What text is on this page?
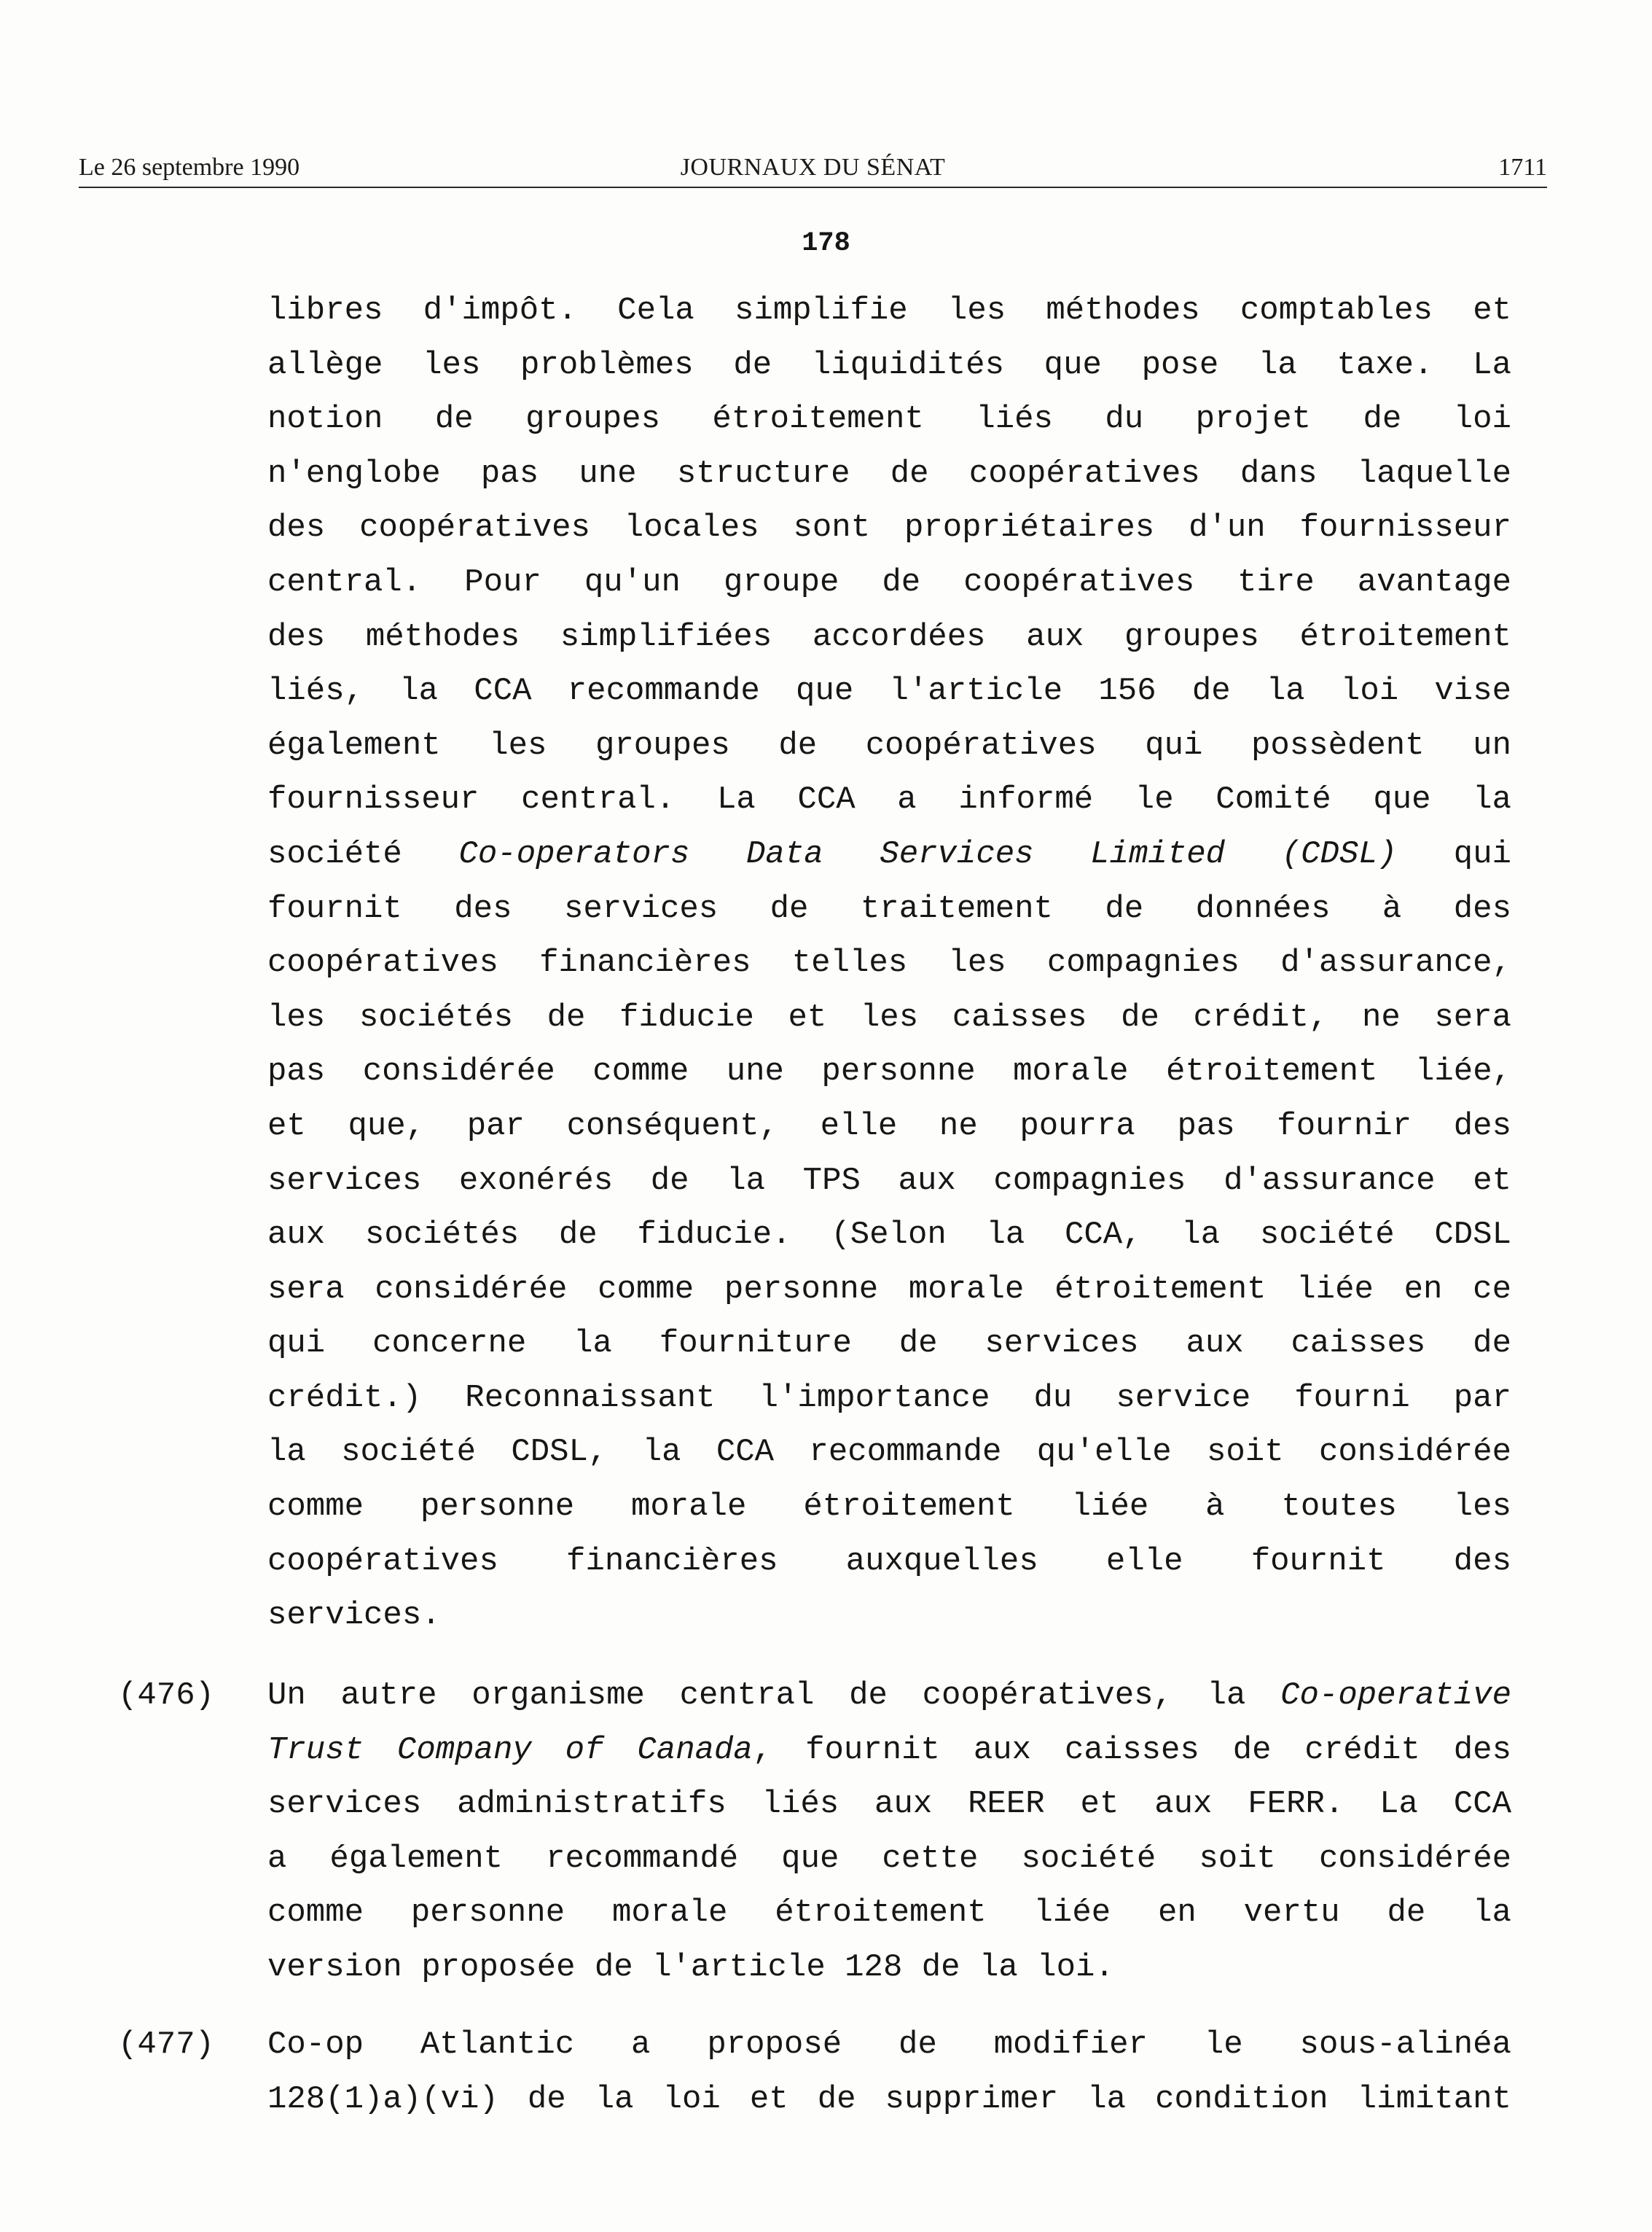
Le 26 septembre 1990	JOURNAUX DU SÉNAT	1711
178
libres d'impôt. Cela simplifie les méthodes comptables et
allège les problèmes de liquidités que pose la taxe. La
notion de groupes étroitement liés du projet de loi
n'englobe pas une structure de coopératives dans laquelle
des coopératives locales sont propriétaires d'un fournisseur
central. Pour qu'un groupe de coopératives tire avantage
des méthodes simplifiées accordées aux groupes étroitement
liés, la CCA recommande que l'article 156 de la loi vise
également les groupes de coopératives qui possèdent un
fournisseur central. La CCA a informé le Comité que la
société Co-operators Data Services Limited (CDSL) qui
fournit des services de traitement de données à des
coopératives financières telles les compagnies d'assurance,
les sociétés de fiducie et les caisses de crédit, ne sera
pas considérée comme une personne morale étroitement liée,
et que, par conséquent, elle ne pourra pas fournir des
services exonérés de la TPS aux compagnies d'assurance et
aux sociétés de fiducie. (Selon la CCA, la société CDSL
sera considérée comme personne morale étroitement liée en ce
qui concerne la fourniture de services aux caisses de
crédit.) Reconnaissant l'importance du service fourni par
la société CDSL, la CCA recommande qu'elle soit considérée
comme personne morale étroitement liée à toutes les
coopératives financières auxquelles elle fournit des
services.
(476) Un autre organisme central de coopératives, la Co-operative
Trust Company of Canada, fournit aux caisses de crédit des
services administratifs liés aux REER et aux FERR. La CCA
a également recommandé que cette société soit considérée
comme personne morale étroitement liée en vertu de la
version proposée de l'article 128 de la loi.
(477) Co-op Atlantic a proposé de modifier le sous-alinéa
128(1)a)(vi) de la loi et de supprimer la condition limitant
